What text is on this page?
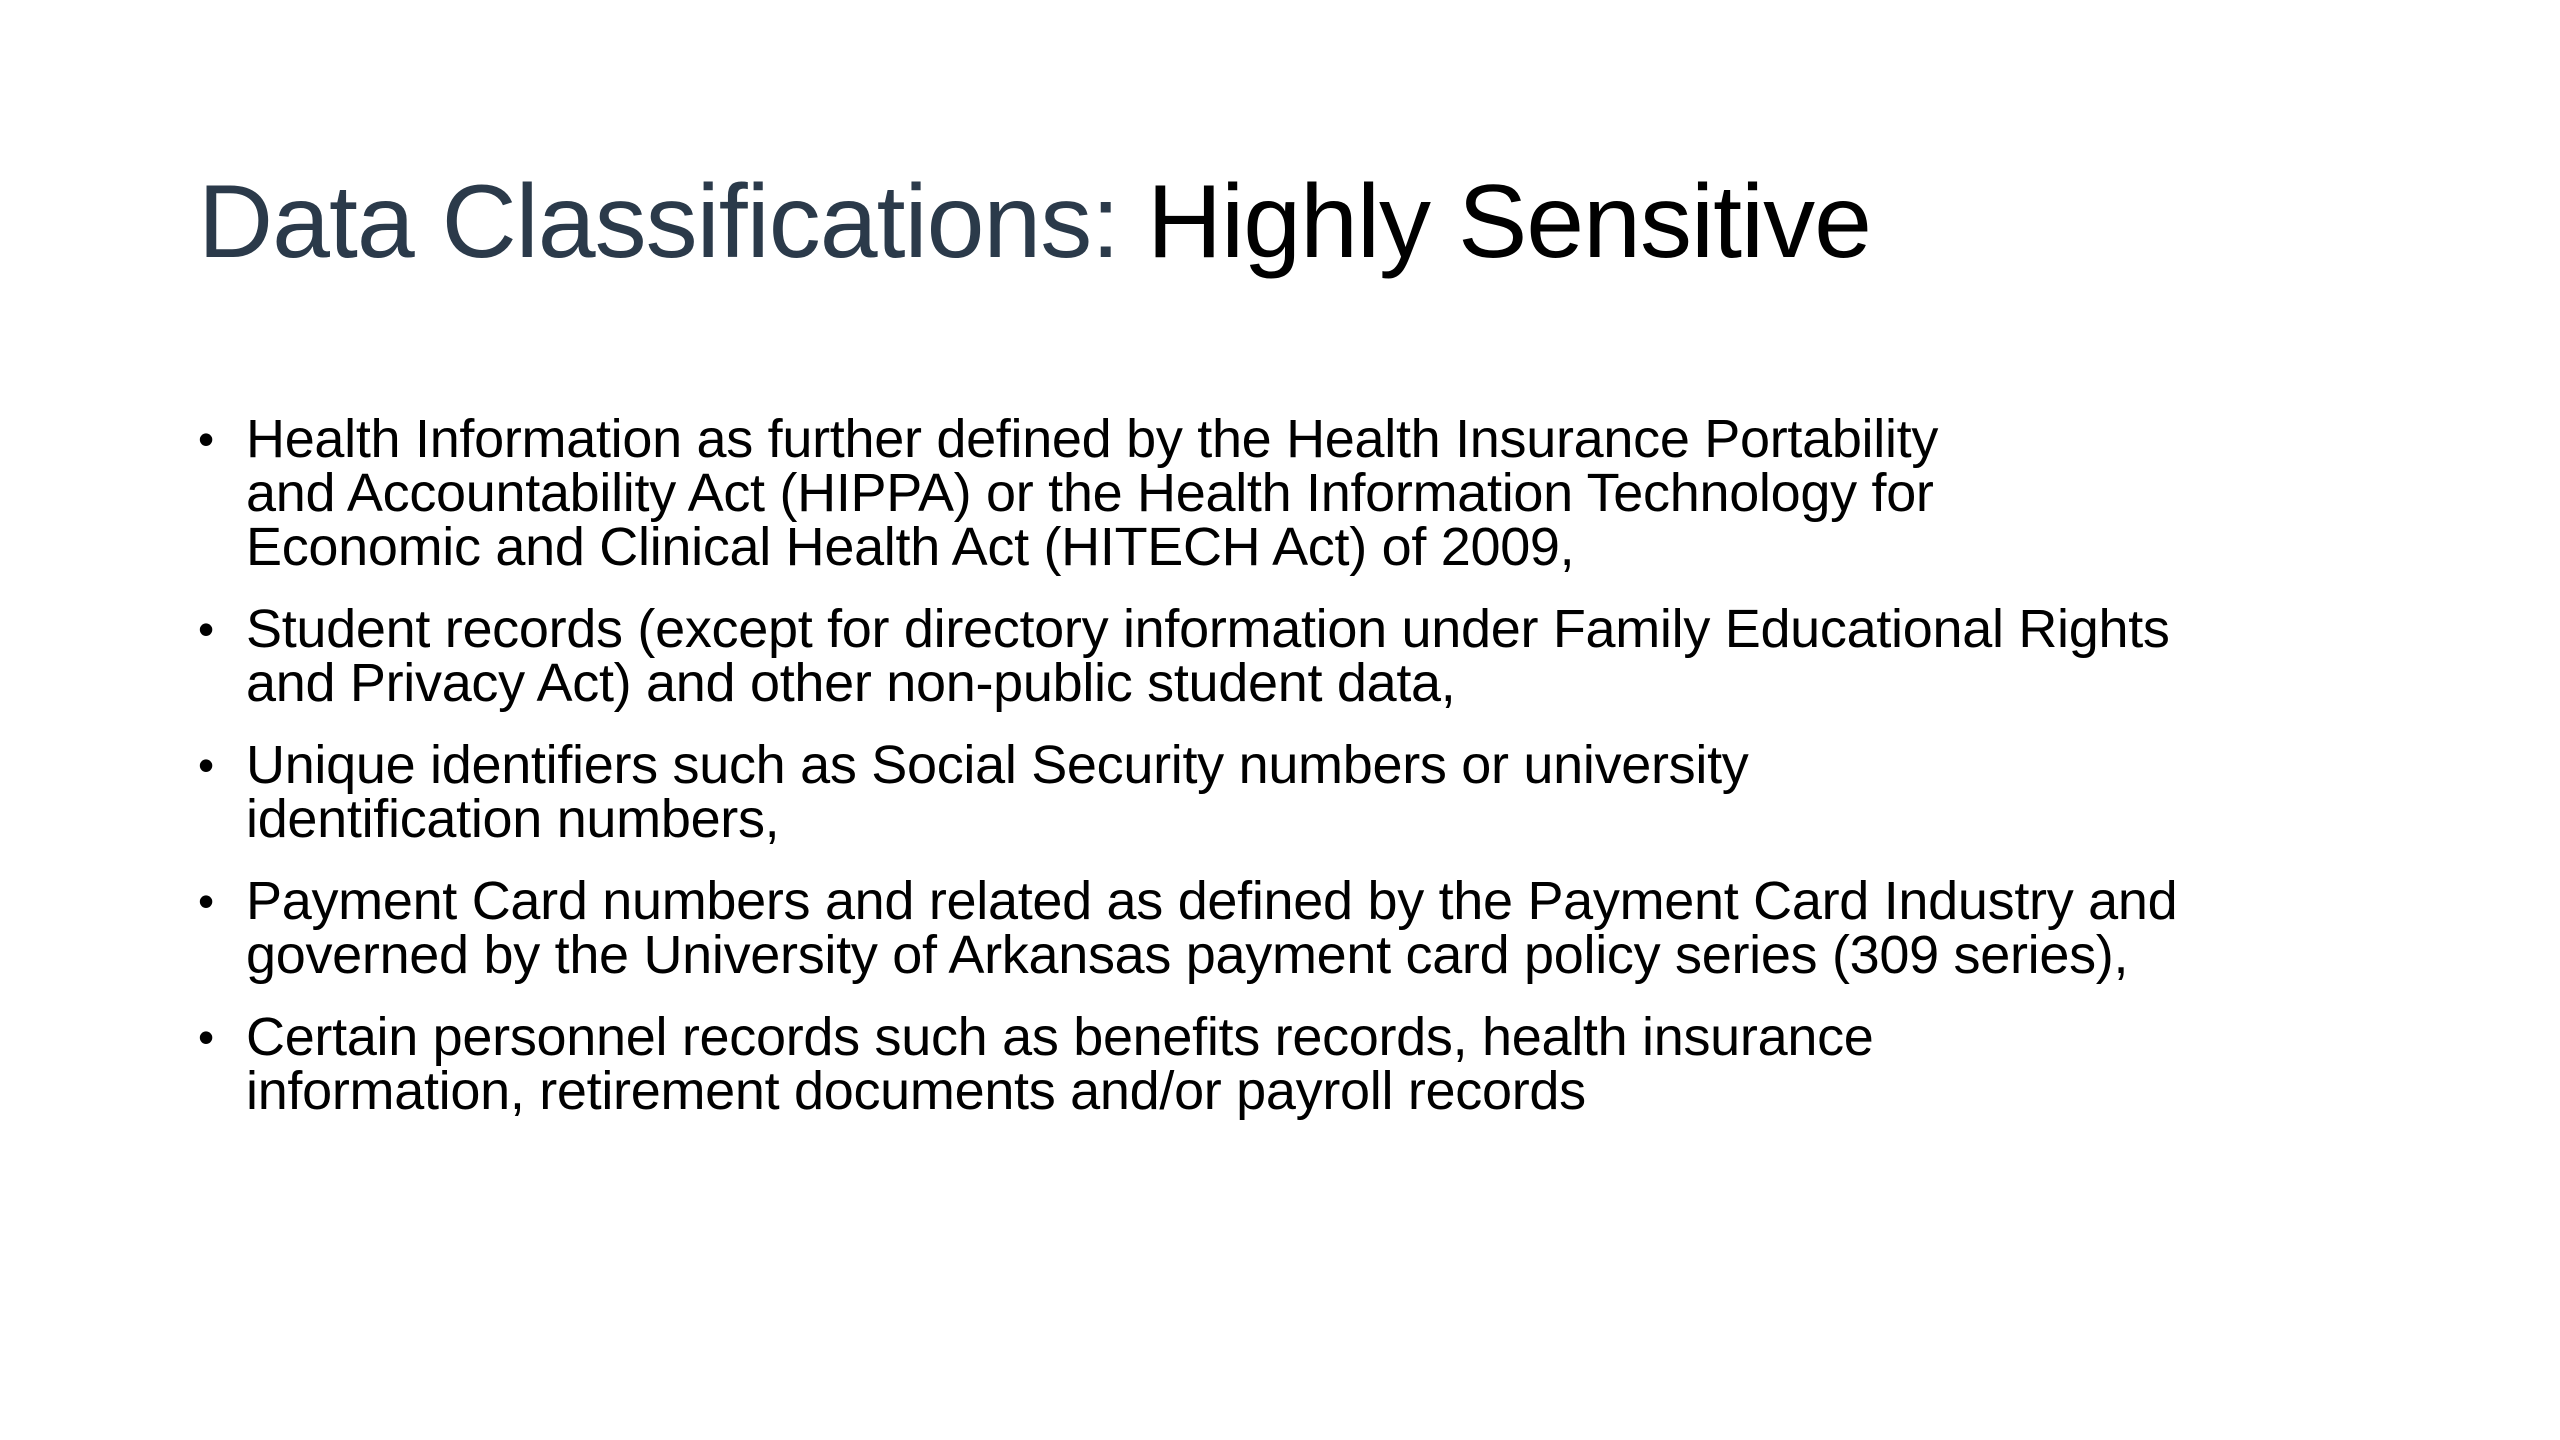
Data Classifications: Highly Sensitive
• Health Information as further defined by the Health Insurance Portability
and Accountability Act (HIPPA) or the Health Information Technology for
Economic and Clinical Health Act (HITECH Act) of 2009,
• Student records (except for directory information under Family Educational Rights
and Privacy Act) and other non-public student data,
• Unique identifiers such as Social Security numbers or university
identification numbers,
• Payment Card numbers and related as defined by the Payment Card Industry and
governed by the University of Arkansas payment card policy series (309 series),
• Certain personnel records such as benefits records, health insurance
information, retirement documents and/or payroll records
